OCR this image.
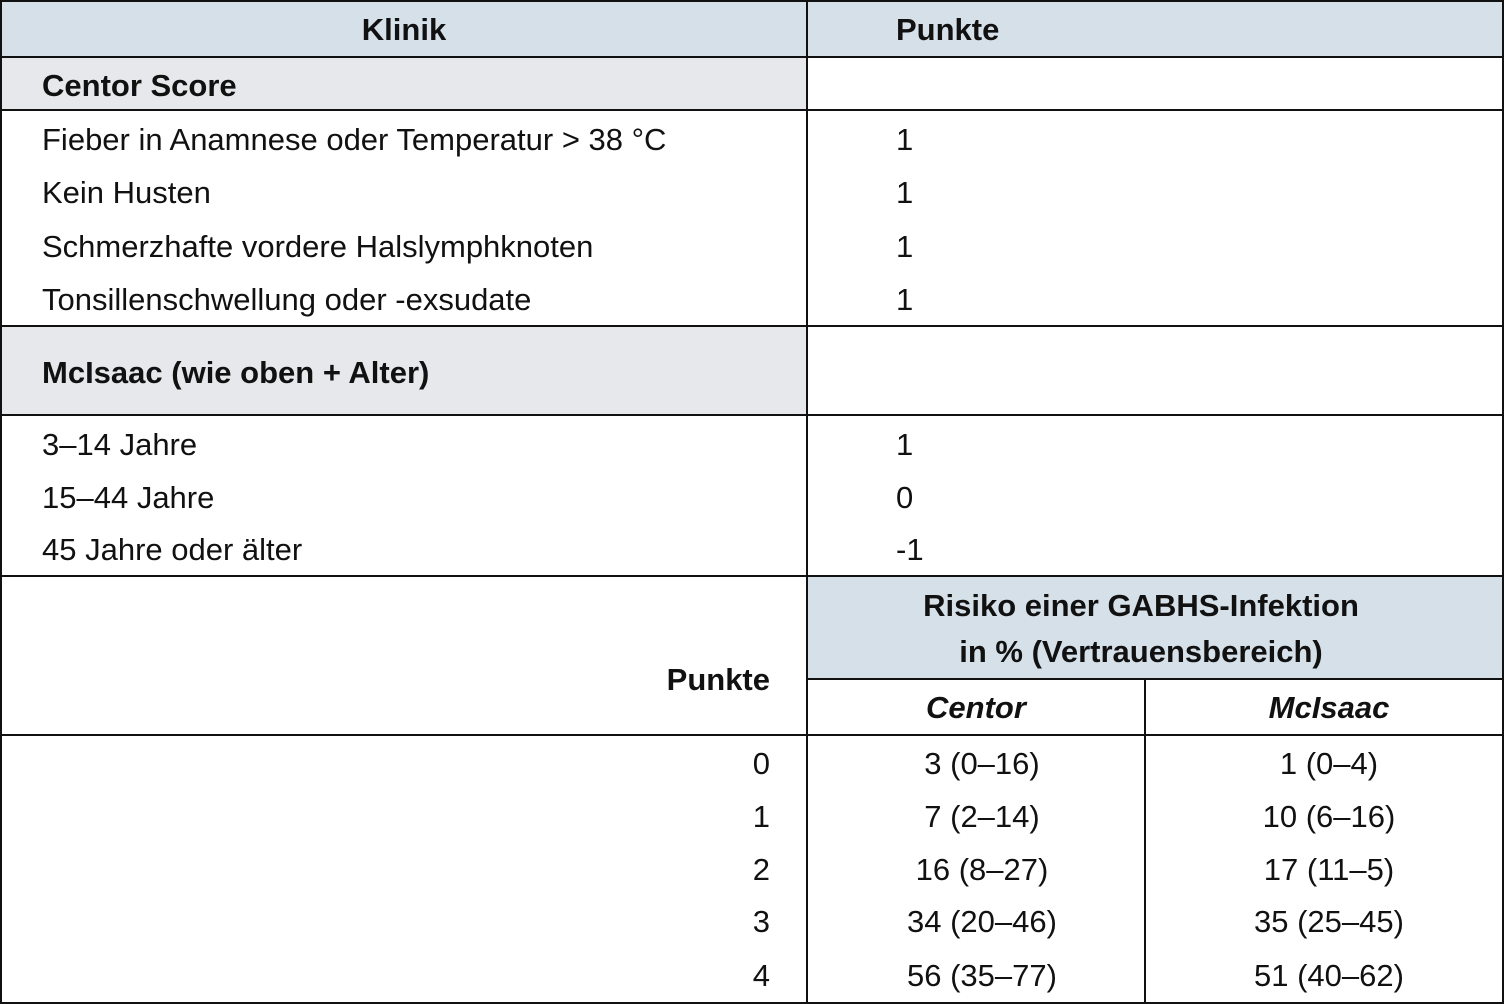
Klinik	Punkte
Centor Score
Fieber in Anamnese oder Temperatur > 38 °C	1
Kein Husten	1
Schmerzhafte vordere Halslymphknoten	1
Tonsillenschwellung oder -exsudate	1
McIsaac (wie oben + Alter)
3–14 Jahre	1
15–44 Jahre	0
45 Jahre oder älter	-1
Punkte
Risiko einer GABHS-Infektion
in % (Vertrauensbereich)
Centor	McIsaac
0	3 (0–16)	1 (0–4)
1	7 (2–14)	10 (6–16)
2	16 (8–27)	17 (11–5)
3	34 (20–46)	35 (25–45)
4	56 (35–77)	51 (40–62)
